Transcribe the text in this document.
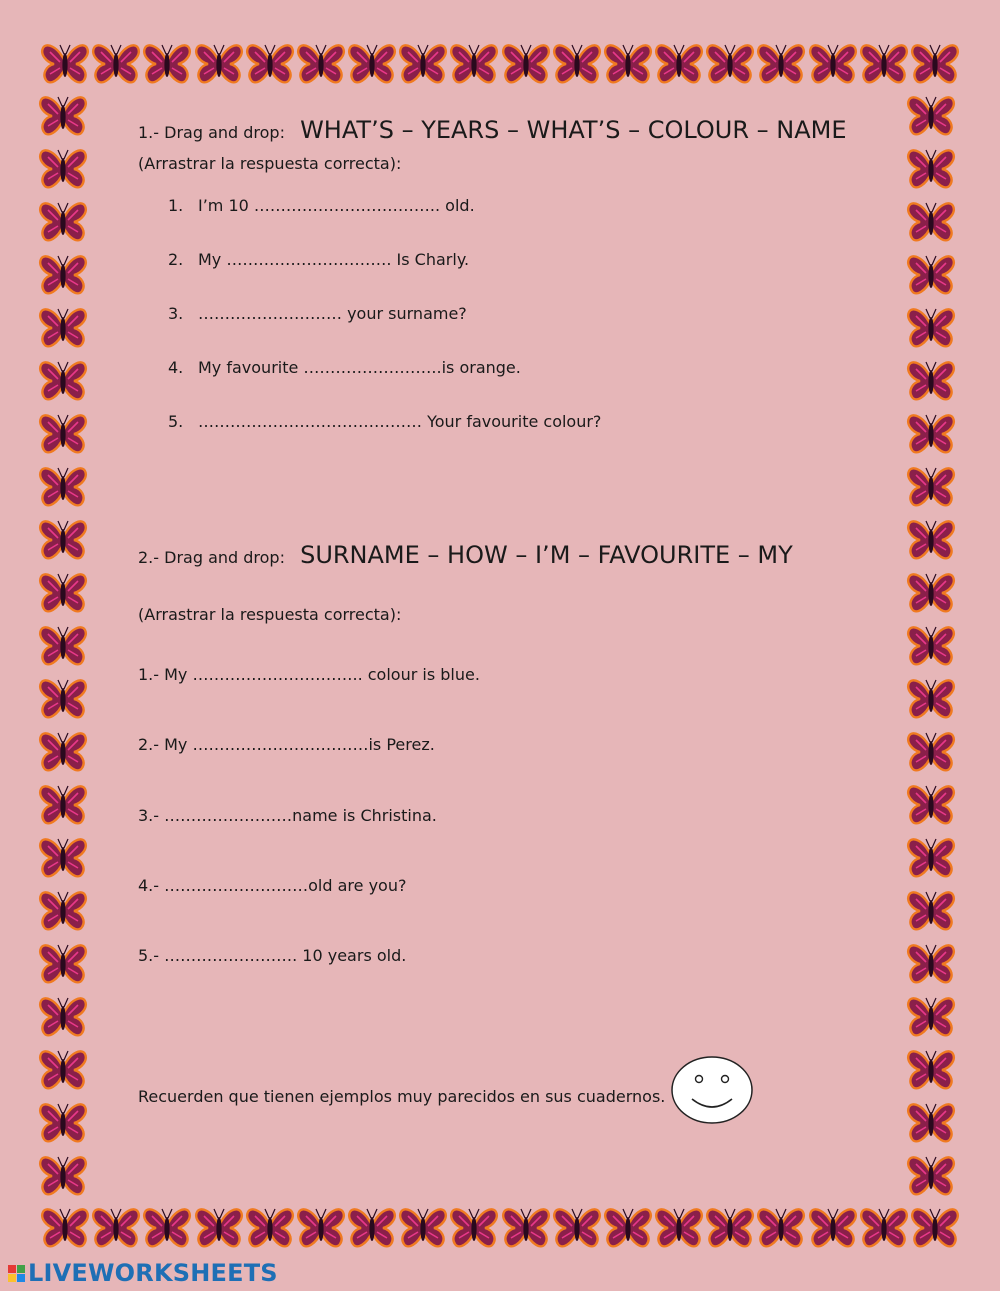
1.- Drag and drop: WHAT’S – YEARS – WHAT’S – COLOUR – NAME
(Arrastrar la respuesta correcta):
1. I’m 10 …………………………….. old.
2. My …………………………. Is Charly.
3. ……………………… your surname?
4. My favourite ……………………..is orange.
5. …………………………………… Your favourite colour?
2.- Drag and drop: SURNAME – HOW – I’M – FAVOURITE – MY
(Arrastrar la respuesta correcta):
1.- My ………………………….. colour is blue.
2.- My ……………………………is Perez.
3.- ……………………name is Christina.
4.- ………………………old are you?
5.- ……………………. 10 years old.
Recuerden que tienen ejemplos muy parecidos en sus cuadernos.
LIVEWORKSHEETS
